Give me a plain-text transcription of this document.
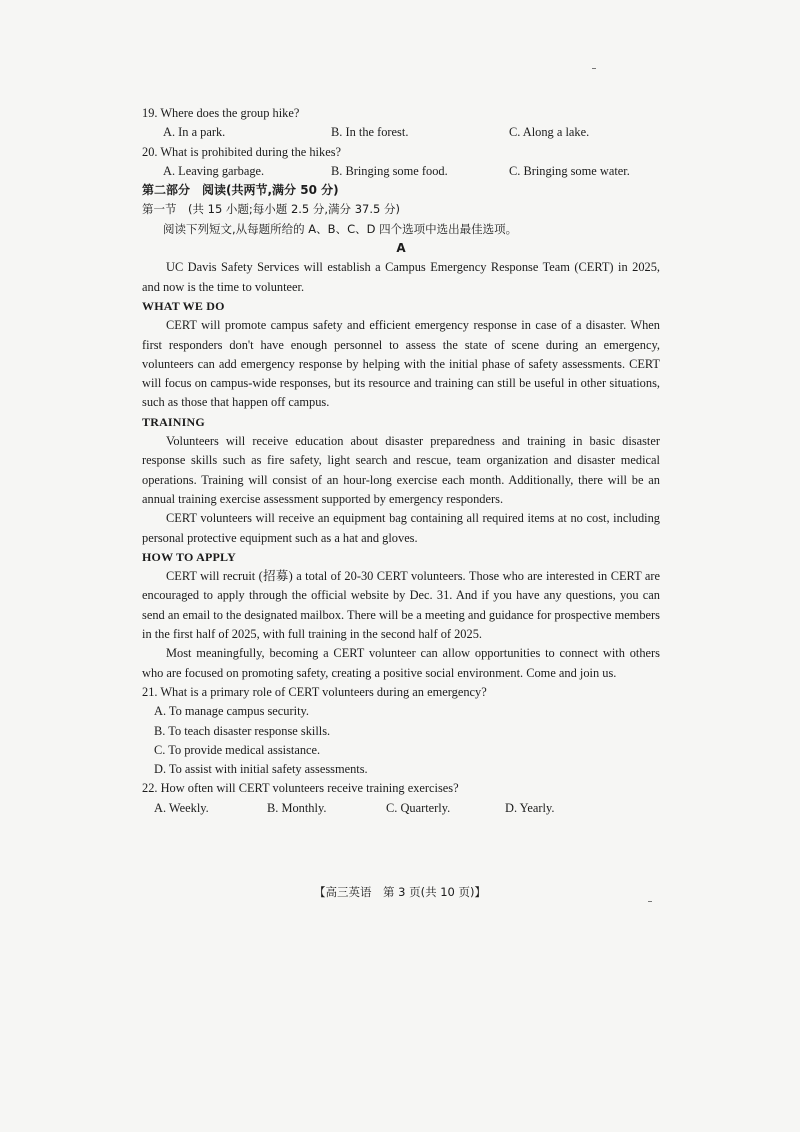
19. Where does the group hike?
A. In a park.	B. In the forest.	C. Along a lake.
20. What is prohibited during the hikes?
A. Leaving garbage.	B. Bringing some food.	C. Bringing some water.
第二部分　阅读(共两节,满分 50 分)
第一节　(共 15 小题;每小题 2.5 分,满分 37.5 分)
阅读下列短文,从每题所给的 A、B、C、D 四个选项中选出最佳选项。
A

UC Davis Safety Services will establish a Campus Emergency Response Team (CERT) in 2025, and now is the time to volunteer.

WHAT WE DO

CERT will promote campus safety and efficient emergency response in case of a disaster. When first responders don't have enough personnel to assess the state of scene during an emergency, volunteers can add emergency response by helping with the initial phase of safety assessments. CERT will focus on campus-wide responses, but its resource and training can still be useful in other situations, such as those that happen off campus.

TRAINING

Volunteers will receive education about disaster preparedness and training in basic disaster response skills such as fire safety, light search and rescue, team organization and disaster medical operations. Training will consist of an hour-long exercise each month. Additionally, there will be an annual training exercise assessment supported by emergency responders.

CERT volunteers will receive an equipment bag containing all required items at no cost, including personal protective equipment such as a hat and gloves.

HOW TO APPLY

CERT will recruit (招募) a total of 20-30 CERT volunteers. Those who are interested in CERT are encouraged to apply through the official website by Dec. 31. And if you have any questions, you can send an email to the designated mailbox. There will be a meeting and guidance for prospective members in the first half of 2025, with full training in the second half of 2025.

Most meaningfully, becoming a CERT volunteer can allow opportunities to connect with others who are focused on promoting safety, creating a positive social environment. Come and join us.

21. What is a primary role of CERT volunteers during an emergency?
A. To manage campus security.
B. To teach disaster response skills.
C. To provide medical assistance.
D. To assist with initial safety assessments.
22. How often will CERT volunteers receive training exercises?
A. Weekly.	B. Monthly.	C. Quarterly.	D. Yearly.
【高三英语　第 3 页(共 10 页)】
